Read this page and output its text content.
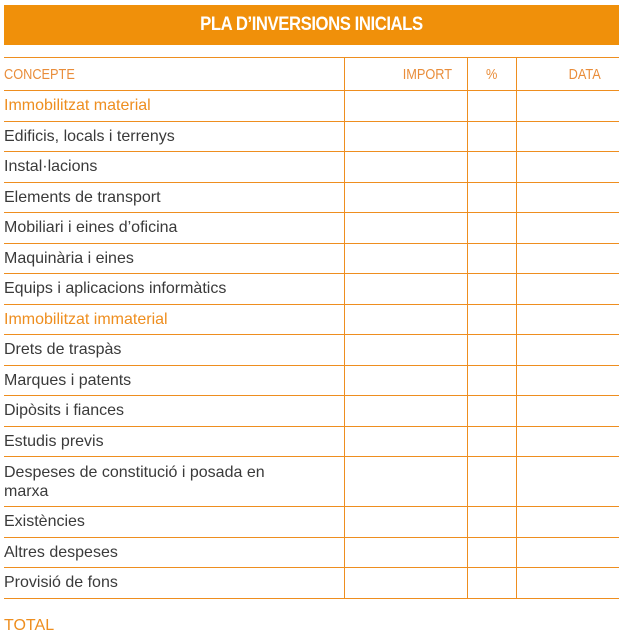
PLA D’INVERSIONS INICIALS
CONCEPTE	IMPORT	%	DATA
Immobilitzat material			
Edificis, locals i terrenys			
Instal·lacions			
Elements de transport			
Mobiliari i eines d’oficina			
Maquinària i eines			
Equips i aplicacions informàtics			
Immobilitzat immaterial			
Drets de traspàs			
Marques i patents			
Dipòsits i fiances			
Estudis previs			
Despeses de constitució i posada en marxa			
Existències			
Altres despeses			
Provisió de fons			
TOTAL
